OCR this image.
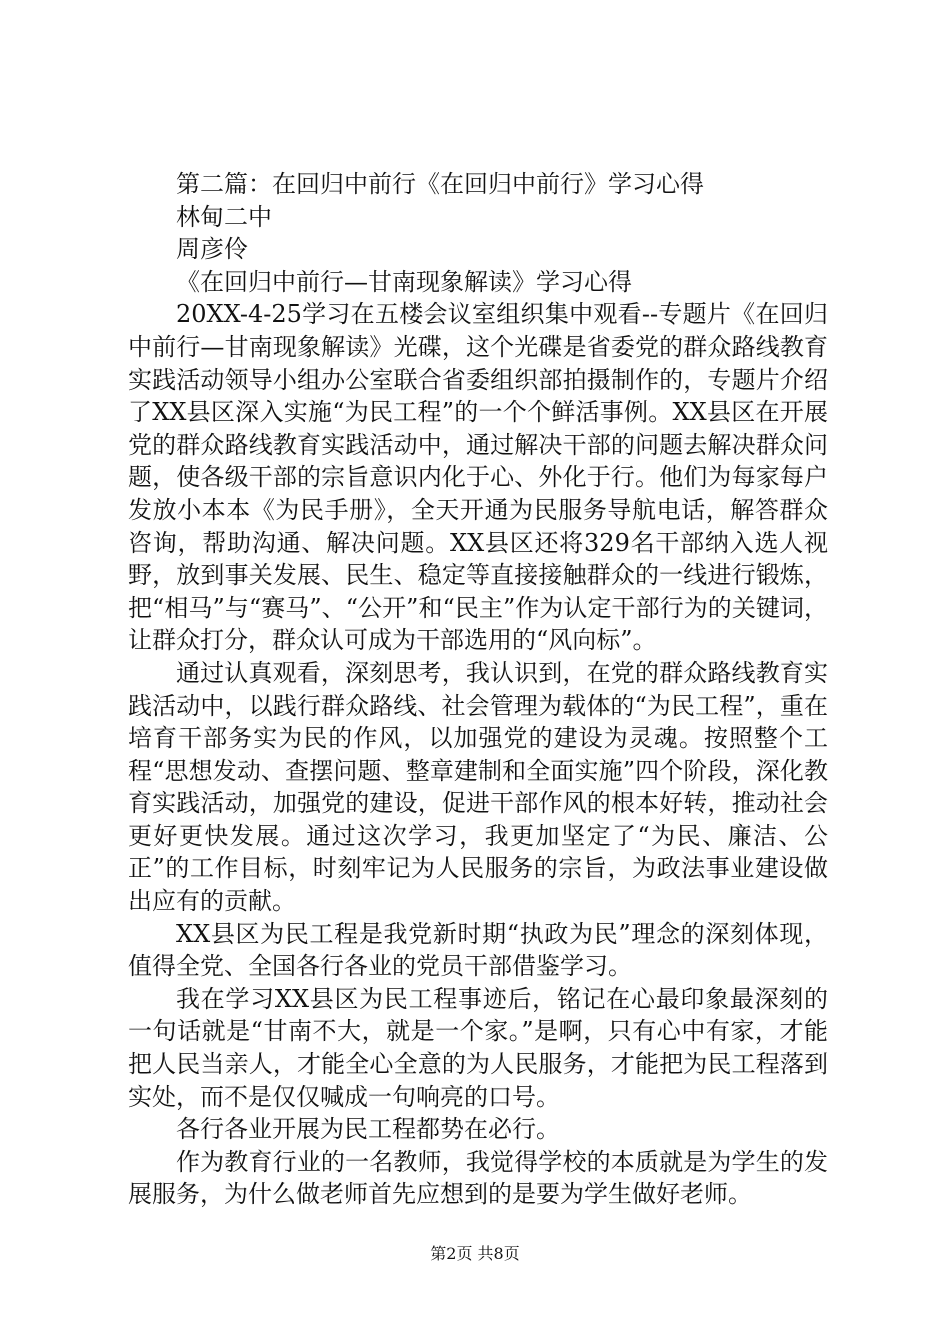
第二篇：在回归中前行《在回归中前行》学习心得

林甸二中

周彦伶

《在回归中前行—甘南现象解读》学习心得

20XX-4-25学习在五楼会议室组织集中观看--专题片《在回归中前行—甘南现象解读》光碟，这个光碟是省委党的群众路线教育实践活动领导小组办公室联合省委组织部拍摄制作的，专题片介绍了XX县区深入实施“为民工程”的一个个鲜活事例。XX县区在开展党的群众路线教育实践活动中，通过解决干部的问题去解决群众问题，使各级干部的宗旨意识内化于心、外化于行。他们为每家每户发放小本本《为民手册》，全天开通为民服务导航电话，解答群众咨询，帮助沟通、解决问题。XX县区还将329名干部纳入选人视野，放到事关发展、民生、稳定等直接接触群众的一线进行锻炼，把“相马”与“赛马”、“公开”和“民主”作为认定干部行为的关键词，让群众打分，群众认可成为干部选用的“风向标”。

通过认真观看，深刻思考，我认识到，在党的群众路线教育实践活动中，以践行群众路线、社会管理为载体的“为民工程”，重在培育干部务实为民的作风，以加强党的建设为灵魂。按照整个工程“思想发动、查摆问题、整章建制和全面实施”四个阶段，深化教育实践活动，加强党的建设，促进干部作风的根本好转，推动社会更好更快发展。通过这次学习，我更加坚定了“为民、廉洁、公正”的工作目标，时刻牢记为人民服务的宗旨，为政法事业建设做出应有的贡献。

XX县区为民工程是我党新时期“执政为民”理念的深刻体现，值得全党、全国各行各业的党员干部借鉴学习。

我在学习XX县区为民工程事迹后，铭记在心最印象最深刻的一句话就是“甘南不大，就是一个家。”是啊，只有心中有家，才能把人民当亲人，才能全心全意的为人民服务，才能把为民工程落到实处，而不是仅仅喊成一句响亮的口号。

各行各业开展为民工程都势在必行。

作为教育行业的一名教师，我觉得学校的本质就是为学生的发展服务，为什么做老师首先应想到的是要为学生做好老师。

第2页 共8页
